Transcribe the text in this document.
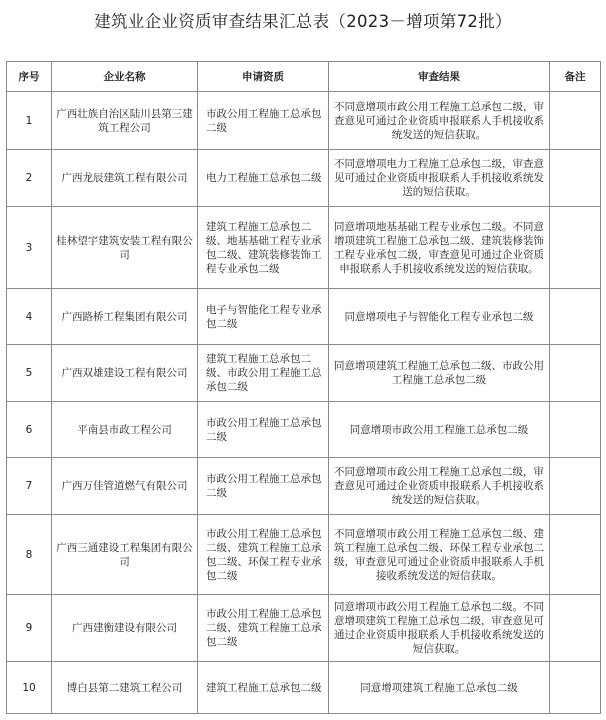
建筑业企业资质审查结果汇总表（2023－增项第72批）
序号	企业名称	申请资质	审查结果	备注
1	广西壮族自治区陆川县第三建筑工程公司	市政公用工程施工总承包二级	不同意增项市政公用工程施工总承包二级，审查意见可通过企业资质申报联系人手机接收系统发送的短信获取。	
2	广西龙辰建筑工程有限公司	电力工程施工总承包二级	不同意增项电力工程施工总承包二级，审查意见可通过企业资质申报联系人手机接收系统发送的短信获取。	
3	桂林望宇建筑安装工程有限公司	建筑工程施工总承包二级、地基基础工程专业承包二级、建筑装修装饰工程专业承包二级	同意增项地基基础工程专业承包二级。不同意增项建筑工程施工总承包二级、建筑装修装饰工程专业承包二级，审查意见可通过企业资质申报联系人手机接收系统发送的短信获取。	
4	广西路桥工程集团有限公司	电子与智能化工程专业承包二级	同意增项电子与智能化工程专业承包二级	
5	广西双雄建设工程有限公司	建筑工程施工总承包二级、市政公用工程施工总承包二级	同意增项建筑工程施工总承包二级、市政公用工程施工总承包二级	
6	平南县市政工程公司	市政公用工程施工总承包二级	同意增项市政公用工程施工总承包二级	
7	广西万佳管道燃气有限公司	市政公用工程施工总承包二级	不同意增项市政公用工程施工总承包二级，审查意见可通过企业资质申报联系人手机接收系统发送的短信获取。	
8	广西三通建设工程集团有限公司	市政公用工程施工总承包二级、建筑工程施工总承包二级、环保工程专业承包二级	不同意增项市政公用工程施工总承包二级、建筑工程施工总承包二级、环保工程专业承包二级，审查意见可通过企业资质申报联系人手机接收系统发送的短信获取。	
9	广西建衡建设有限公司	市政公用工程施工总承包二级、建筑工程施工总承包二级	同意增项市政公用工程施工总承包二级。不同意增项建筑工程施工总承包二级，审查意见可通过企业资质申报联系人手机接收系统发送的短信获取。	
10	博白县第二建筑工程公司	建筑工程施工总承包二级	同意增项建筑工程施工总承包二级	
